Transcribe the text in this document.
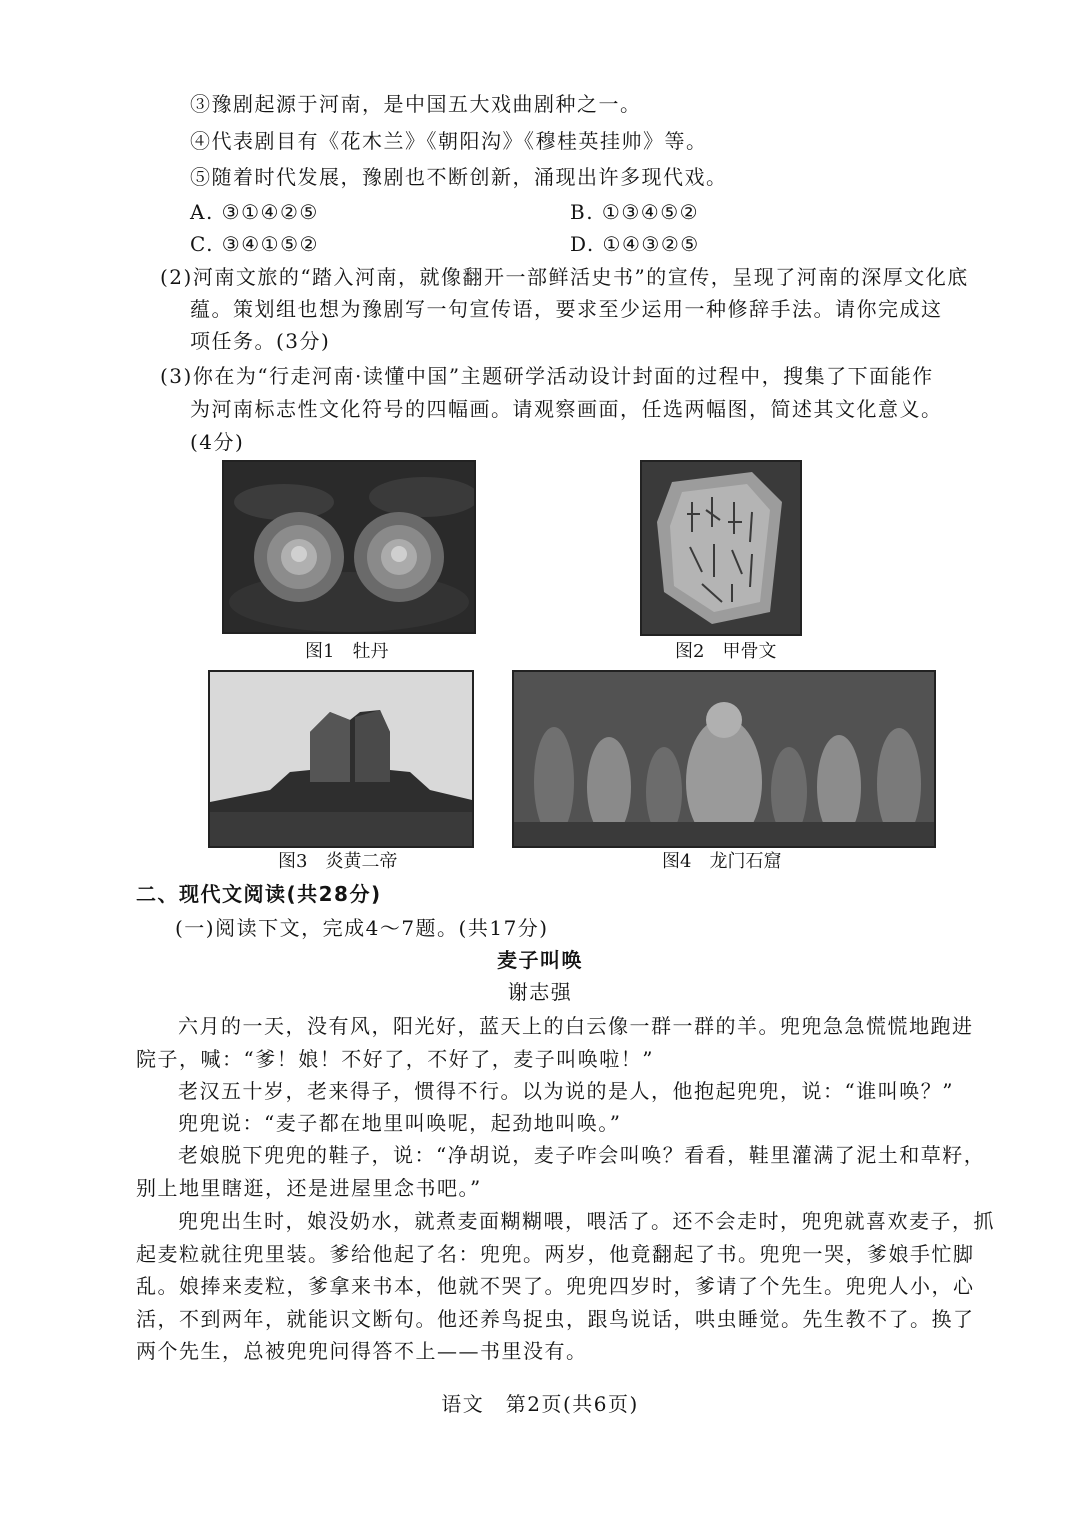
③豫剧起源于河南，是中国五大戏曲剧种之一。
④代表剧目有《花木兰》《朝阳沟》《穆桂英挂帅》等。
⑤随着时代发展，豫剧也不断创新，涌现出许多现代戏。
A. ③①④②⑤	B. ①③④⑤②
C. ③④①⑤②	D. ①④③②⑤
(2)河南文旅的“踏入河南，就像翻开一部鲜活史书”的宣传，呈现了河南的深厚文化底
蕴。策划组也想为豫剧写一句宣传语，要求至少运用一种修辞手法。请你完成这
项任务。(3分)
(3)你在为“行走河南·读懂中国”主题研学活动设计封面的过程中，搜集了下面能作
为河南标志性文化符号的四幅画。请观察画面，任选两幅图，简述其文化意义。
(4分)
图1　牡丹	图2　甲骨文
图3　炎黄二帝	图4　龙门石窟
二、现代文阅读(共28分)
(一)阅读下文，完成4～7题。(共17分)
麦子叫唤
谢志强
六月的一天，没有风，阳光好，蓝天上的白云像一群一群的羊。兜兜急急慌慌地跑进
院子，喊：“爹！娘！不好了，不好了，麦子叫唤啦！”
老汉五十岁，老来得子，惯得不行。以为说的是人，他抱起兜兜，说：“谁叫唤？”
兜兜说：“麦子都在地里叫唤呢，起劲地叫唤。”
老娘脱下兜兜的鞋子，说：“净胡说，麦子咋会叫唤？看看，鞋里灌满了泥土和草籽，
别上地里瞎逛，还是进屋里念书吧。”
兜兜出生时，娘没奶水，就煮麦面糊糊喂，喂活了。还不会走时，兜兜就喜欢麦子，抓
起麦粒就往兜里装。爹给他起了名：兜兜。两岁，他竟翻起了书。兜兜一哭，爹娘手忙脚
乱。娘捧来麦粒，爹拿来书本，他就不哭了。兜兜四岁时，爹请了个先生。兜兜人小，心
活，不到两年，就能识文断句。他还养鸟捉虫，跟鸟说话，哄虫睡觉。先生教不了。换了
两个先生，总被兜兜问得答不上——书里没有。
语文　第2页(共6页)
